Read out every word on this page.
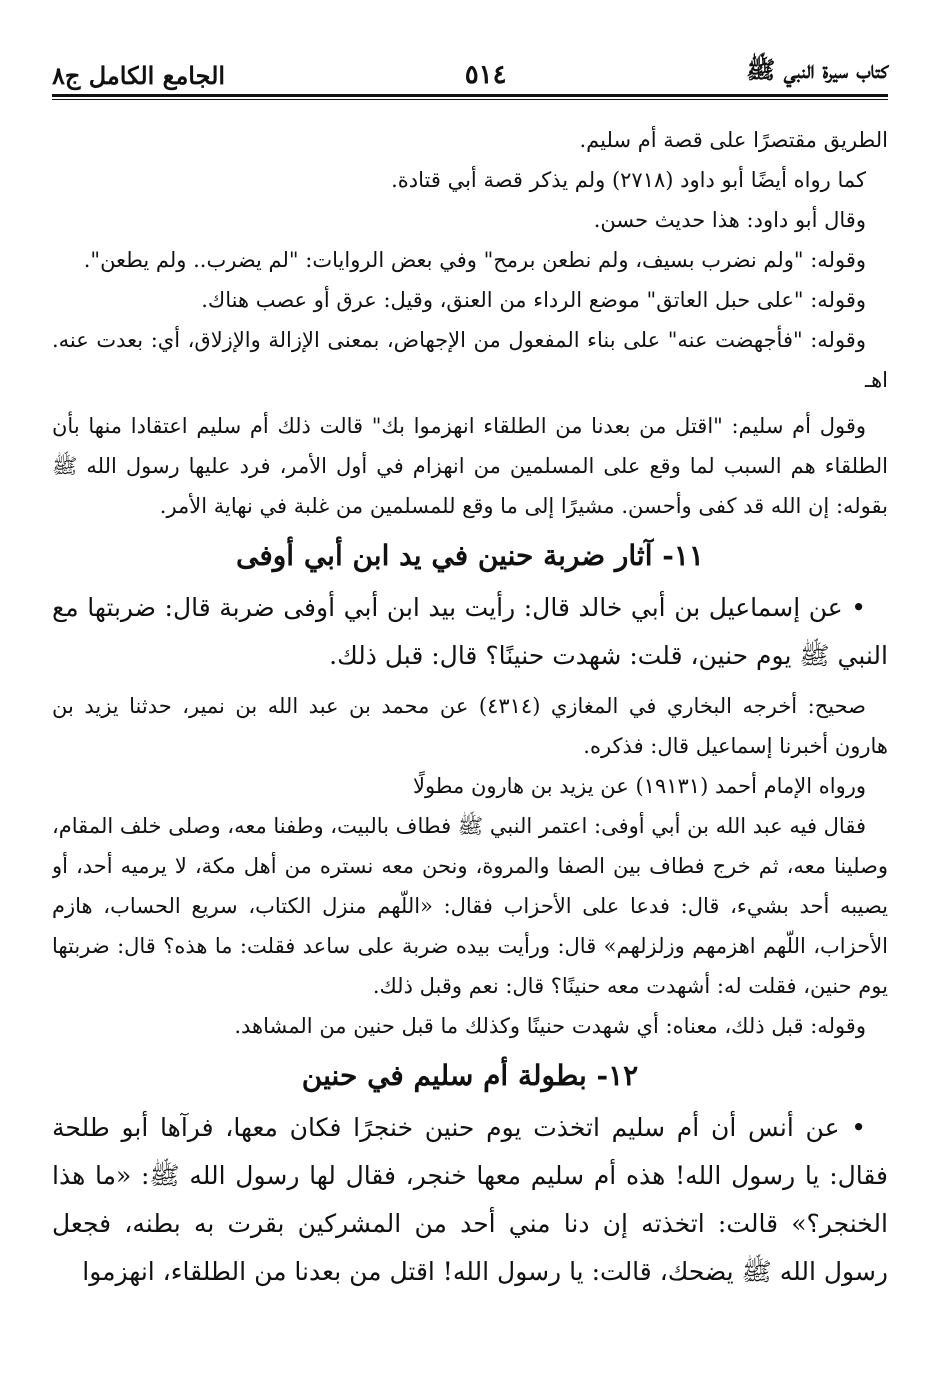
كتاب سيرة النبي ﷺ
٥١٤
الجامع الكامل ج٨

الطريق مقتصرًا على قصة أم سليم.

كما رواه أيضًا أبو داود (٢٧١٨) ولم يذكر قصة أبي قتادة.

وقال أبو داود: هذا حديث حسن.

وقوله: "ولم نضرب بسيف، ولم نطعن برمح" وفي بعض الروايات: "لم يضرب.. ولم يطعن".

وقوله: "على حبل العاتق" موضع الرداء من العنق، وقيل: عرق أو عصب هناك.

وقوله: "فأجهضت عنه" على بناء المفعول من الإجهاض، بمعنى الإزالة والإزلاق، أي: بعدت عنه. اهـ

وقول أم سليم: "اقتل من بعدنا من الطلقاء انهزموا بك" قالت ذلك أم سليم اعتقادا منها بأن الطلقاء هم السبب لما وقع على المسلمين من انهزام في أول الأمر، فرد عليها رسول الله ﷺ بقوله: إن الله قد كفى وأحسن. مشيرًا إلى ما وقع للمسلمين من غلبة في نهاية الأمر.

١١- آثار ضربة حنين في يد ابن أبي أوفى

• عن إسماعيل بن أبي خالد قال: رأيت بيد ابن أبي أوفى ضربة قال: ضربتها مع النبي ﷺ يوم حنين، قلت: شهدت حنينًا؟ قال: قبل ذلك.

صحيح: أخرجه البخاري في المغازي (٤٣١٤) عن محمد بن عبد الله بن نمير، حدثنا يزيد بن هارون أخبرنا إسماعيل قال: فذكره.

ورواه الإمام أحمد (١٩١٣١) عن يزيد بن هارون مطولًا

فقال فيه عبد الله بن أبي أوفى: اعتمر النبي ﷺ فطاف بالبيت، وطفنا معه، وصلى خلف المقام، وصلينا معه، ثم خرج فطاف بين الصفا والمروة، ونحن معه نستره من أهل مكة، لا يرميه أحد، أو يصيبه أحد بشيء، قال: فدعا على الأحزاب فقال: «اللّهم منزل الكتاب، سريع الحساب، هازم الأحزاب، اللّهم اهزمهم وزلزلهم» قال: ورأيت بيده ضربة على ساعد فقلت: ما هذه؟ قال: ضربتها يوم حنين، فقلت له: أشهدت معه حنينًا؟ قال: نعم وقبل ذلك.

وقوله: قبل ذلك، معناه: أي شهدت حنينًا وكذلك ما قبل حنين من المشاهد.

١٢- بطولة أم سليم في حنين

• عن أنس أن أم سليم اتخذت يوم حنين خنجرًا فكان معها، فرآها أبو طلحة فقال: يا رسول الله! هذه أم سليم معها خنجر، فقال لها رسول الله ﷺ: «ما هذا الخنجر؟» قالت: اتخذته إن دنا مني أحد من المشركين بقرت به بطنه، فجعل رسول الله ﷺ يضحك، قالت: يا رسول الله! اقتل من بعدنا من الطلقاء، انهزموا
